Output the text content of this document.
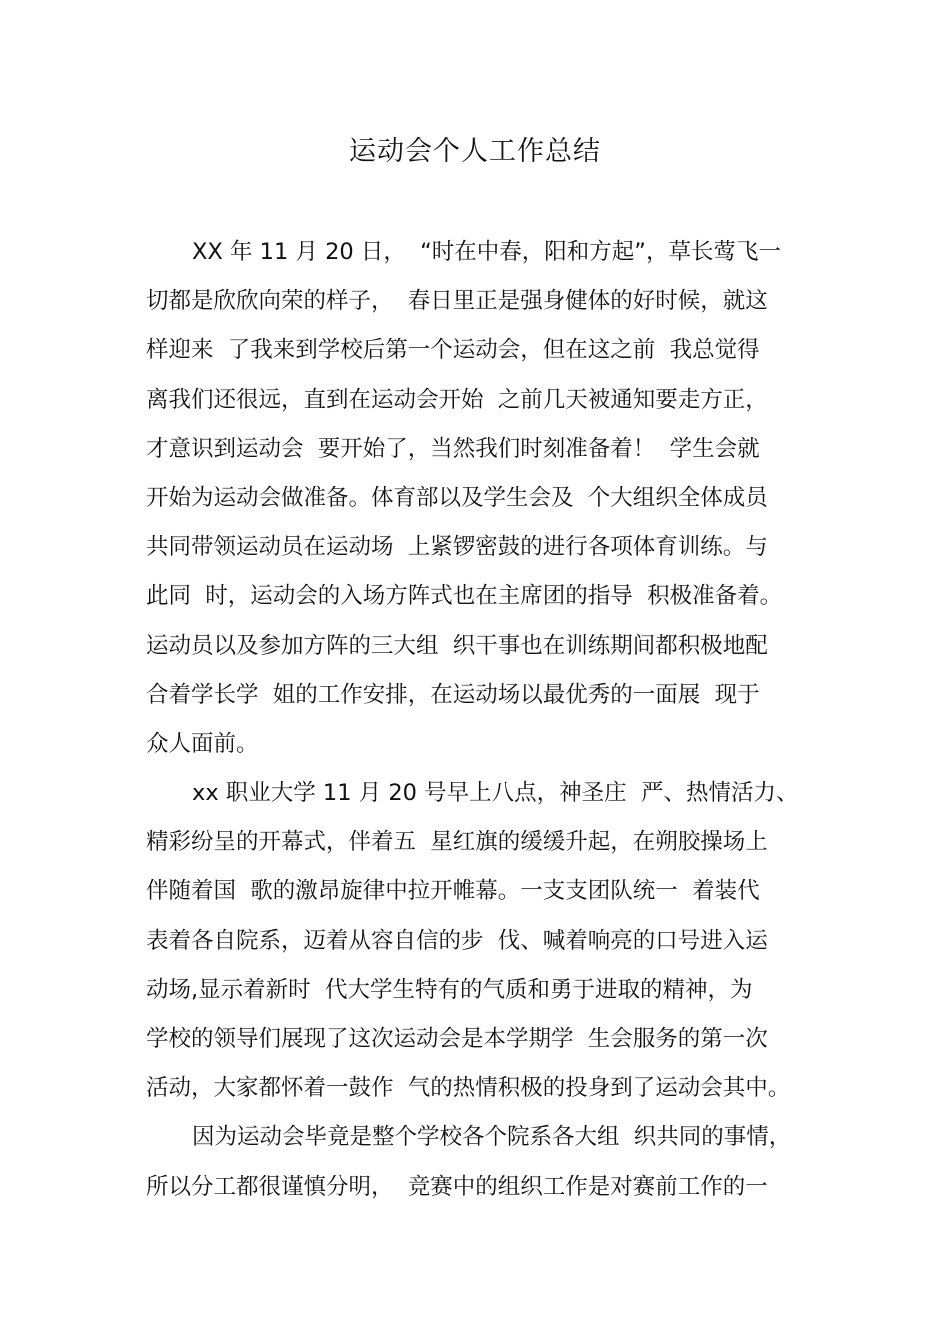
运动会个人工作总结
XX 年 11 月 20 日，  “时在中春，阳和方起”，草长莺飞一
切都是欣欣向荣的样子，  春日里正是强身健体的好时候，就这
样迎来  了我来到学校后第一个运动会，但在这之前  我总觉得
离我们还很远，直到在运动会开始  之前几天被通知要走方正，
才意识到运动会  要开始了，当然我们时刻准备着！  学生会就
开始为运动会做准备。体育部以及学生会及  个大组织全体成员
共同带领运动员在运动场  上紧锣密鼓的进行各项体育训练。与
此同  时，运动会的入场方阵式也在主席团的指导  积极准备着。
运动员以及参加方阵的三大组  织干事也在训练期间都积极地配
合着学长学  姐的工作安排，在运动场以最优秀的一面展  现于
众人面前。
xx 职业大学 11 月 20 号早上八点，神圣庄  严、热情活力、
精彩纷呈的开幕式，伴着五  星红旗的缓缓升起，在朔胶操场上
伴随着国  歌的激昂旋律中拉开帷幕。一支支团队统一  着装代
表着各自院系，迈着从容自信的步  伐、喊着响亮的口号进入运
动场,显示着新时  代大学生特有的气质和勇于进取的精神，为
学校的领导们展现了这次运动会是本学期学  生会服务的第一次
活动，大家都怀着一鼓作  气的热情积极的投身到了运动会其中。
因为运动会毕竟是整个学校各个院系各大组  织共同的事情，
所以分工都很谨慎分明，  竞赛中的组织工作是对赛前工作的一
